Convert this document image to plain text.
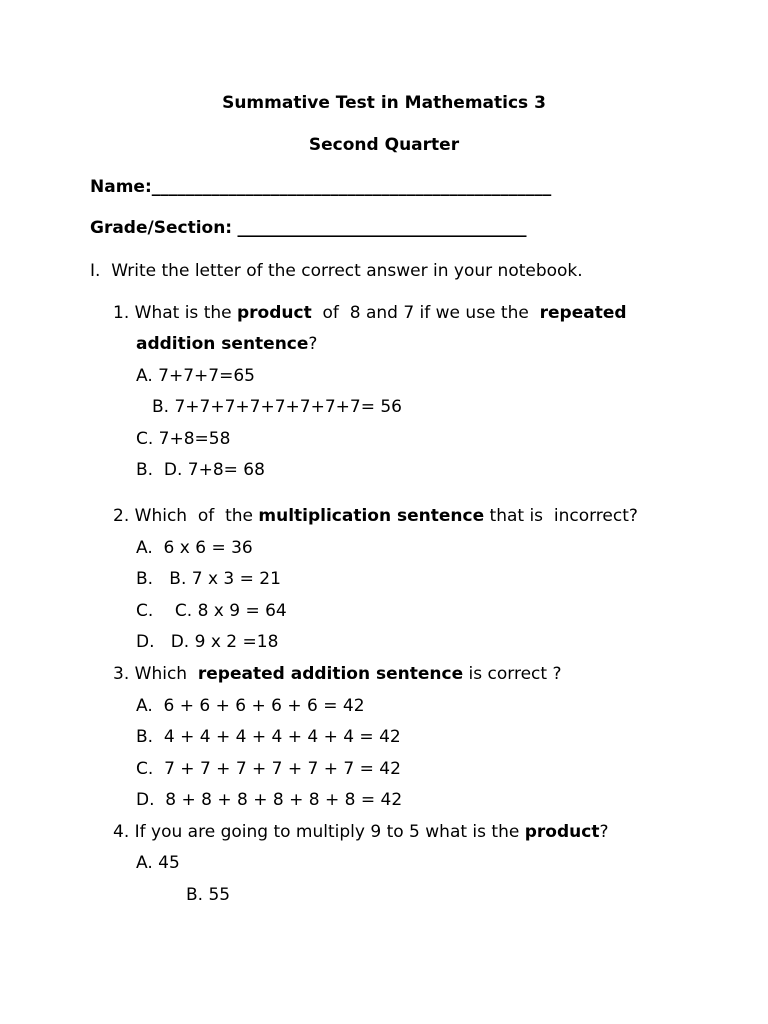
Summative Test in Mathematics 3
Second Quarter
Name:_______________________________________________
Grade/Section: __________________________________
I. Write the letter of the correct answer in your notebook.
1. What is the product  of  8 and 7 if we use the  repeated
addition sentence?
A. 7+7+7=65
B. 7+7+7+7+7+7+7+7= 56
C. 7+8=58
B.  D. 7+8= 68
2. Which  of  the multiplication sentence that is  incorrect?
A.  6 x 6 = 36
B.   B. 7 x 3 = 21
C.    C. 8 x 9 = 64
D.   D. 9 x 2 =18
3. Which  repeated addition sentence is correct ?
A.  6 + 6 + 6 + 6 + 6 = 42
B.  4 + 4 + 4 + 4 + 4 + 4 = 42
C.  7 + 7 + 7 + 7 + 7 + 7 = 42
D.  8 + 8 + 8 + 8 + 8 + 8 = 42
4. If you are going to multiply 9 to 5 what is the product?
A. 45
B. 55
